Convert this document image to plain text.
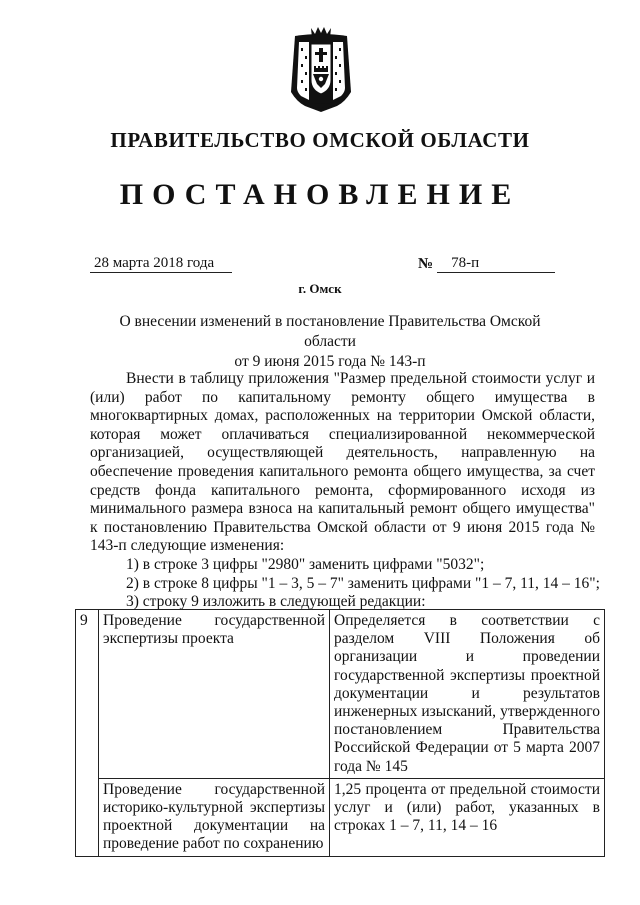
ПРАВИТЕЛЬСТВО ОМСКОЙ ОБЛАСТИ
ПОСТАНОВЛЕНИЕ
28 марта 2018 года	№	78-п
г. Омск
О внесении изменений в постановление Правительства Омской области
от 9 июня 2015 года № 143-п

Внести в таблицу приложения "Размер предельной стоимости услуг и (или) работ по капитальному ремонту общего имущества в многоквартирных домах, расположенных на территории Омской области, которая может оплачиваться специализированной некоммерческой организацией, осуществляющей деятельность, направленную на обеспечение проведения капитального ремонта общего имущества, за счет средств фонда капитального ремонта, сформированного исходя из минимального размера взноса на капитальный ремонт общего имущества" к постановлению Правительства Омской области от 9 июня 2015 года № 143-п следующие изменения:

1) в строке 3 цифры "2980" заменить цифрами "5032";

2) в строке 8 цифры "1 – 3, 5 – 7" заменить цифрами "1 – 7, 11, 14 – 16";

3) строку 9 изложить в следующей редакции:

9	Проведение государственной экспертизы проекта	Определяется в соответствии с разделом VIII Положения об организации и проведении государственной экспертизы проектной документации и результатов инженерных изысканий, утвержденного постановлением Правительства Российской Федерации от 5 марта 2007 года № 145
	Проведение государственной историко-культурной экспертизы проектной документации на проведение работ по сохранению	1,25 процента от предельной стоимости услуг и (или) работ, указанных в строках 1 – 7, 11, 14 – 16
